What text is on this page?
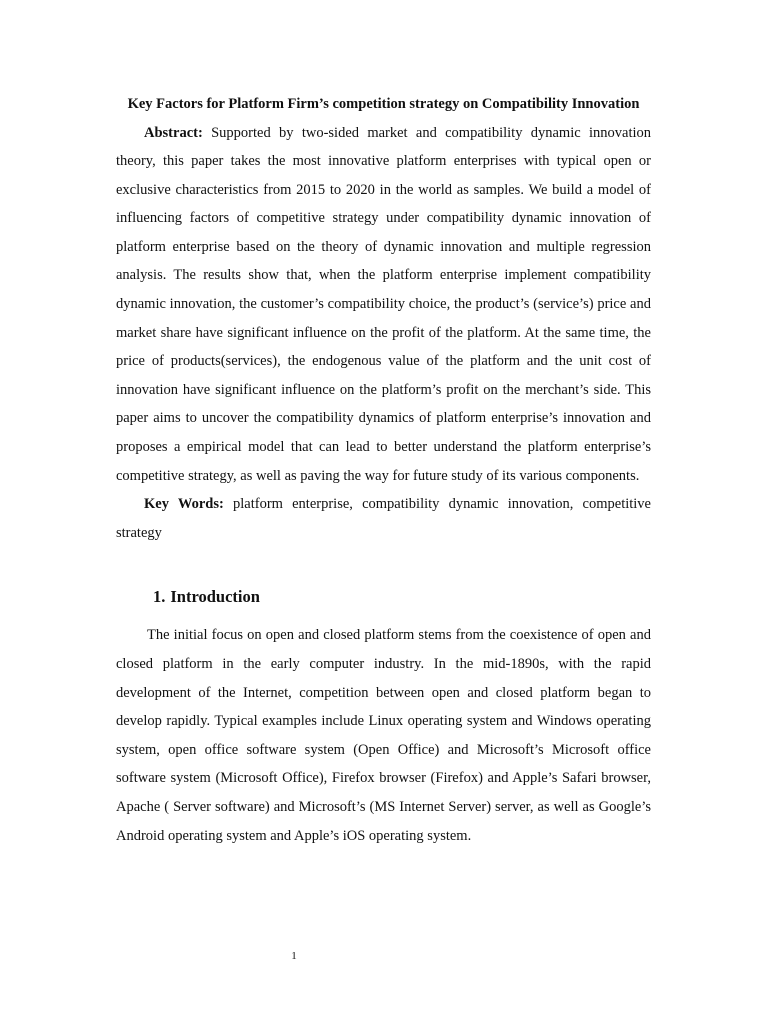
Key Factors for Platform Firm’s competition strategy on Compatibility Innovation

Abstract: Supported by two-sided market and compatibility dynamic innovation theory, this paper takes the most innovative platform enterprises with typical open or exclusive characteristics from 2015 to 2020 in the world as samples. We build a model of influencing factors of competitive strategy under compatibility dynamic innovation of platform enterprise based on the theory of dynamic innovation and multiple regression analysis. The results show that, when the platform enterprise implement compatibility dynamic innovation, the customer’s compatibility choice, the product’s (service’s) price and market share have significant influence on the profit of the platform. At the same time, the price of products(services), the endogenous value of the platform and the unit cost of innovation have significant influence on the platform’s profit on the merchant’s side. This paper aims to uncover the compatibility dynamics of platform enterprise’s innovation and proposes a empirical model that can lead to better understand the platform enterprise’s competitive strategy, as well as paving the way for future study of its various components.

Key Words: platform enterprise, compatibility dynamic innovation, competitive strategy

1. Introduction

The initial focus on open and closed platform stems from the coexistence of open and closed platform in the early computer industry. In the mid-1890s, with the rapid development of the Internet, competition between open and closed platform began to develop rapidly. Typical examples include Linux operating system and Windows operating system, open office software system (Open Office) and Microsoft’s Microsoft office software system (Microsoft Office), Firefox browser (Firefox) and Apple’s Safari browser, Apache ( Server software) and Microsoft’s (MS Internet Server) server, as well as Google’s Android operating system and Apple’s iOS operating system.

1
